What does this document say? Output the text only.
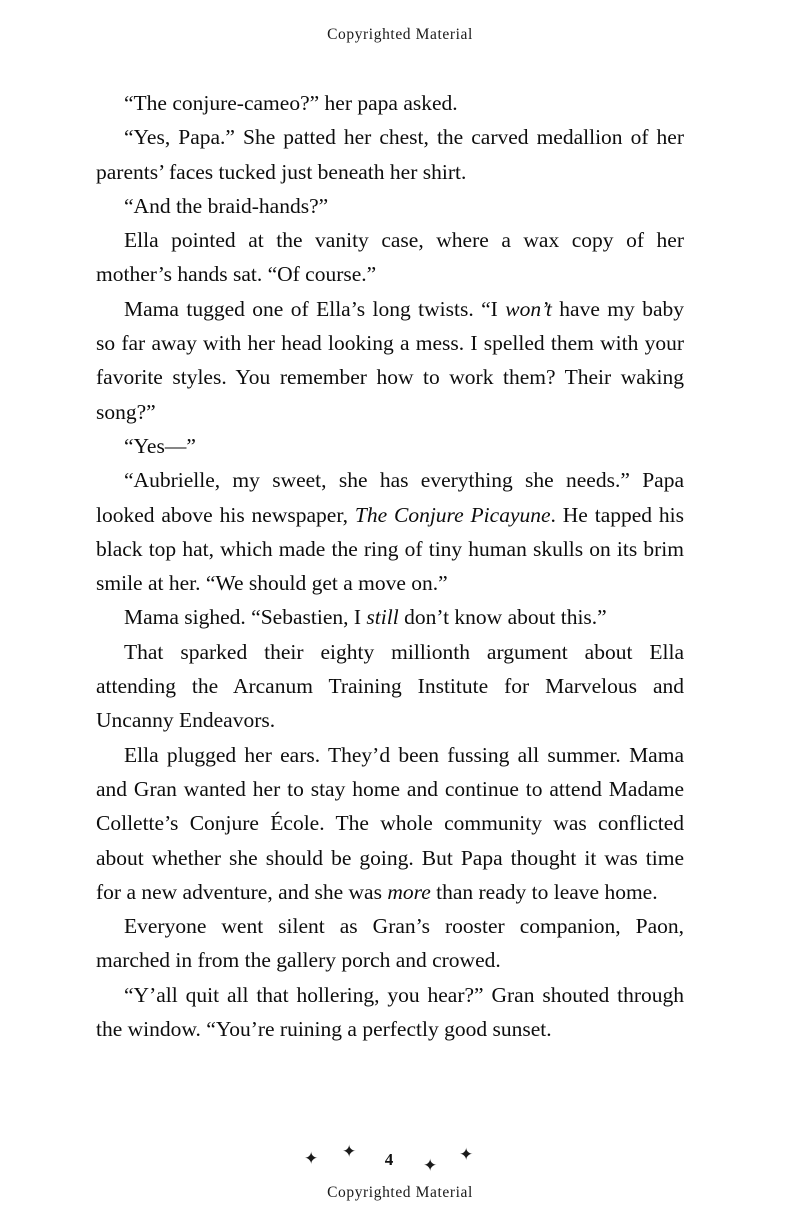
Copyrighted Material

“The conjure-cameo?” her papa asked.

“Yes, Papa.” She patted her chest, the carved medallion of her parents’ faces tucked just beneath her shirt.

“And the braid-hands?”

Ella pointed at the vanity case, where a wax copy of her mother’s hands sat. “Of course.”

Mama tugged one of Ella’s long twists. “I won’t have my baby so far away with her head looking a mess. I spelled them with your favorite styles. You remember how to work them? Their waking song?”

“Yes—”

“Aubrielle, my sweet, she has everything she needs.” Papa looked above his newspaper, The Conjure Picayune. He tapped his black top hat, which made the ring of tiny human skulls on its brim smile at her. “We should get a move on.”

Mama sighed. “Sebastien, I still don’t know about this.”

That sparked their eighty millionth argument about Ella attending the Arcanum Training Institute for Marvelous and Uncanny Endeavors.

Ella plugged her ears. They’d been fussing all summer. Mama and Gran wanted her to stay home and continue to attend Madame Collette’s Conjure École. The whole community was conflicted about whether she should be going. But Papa thought it was time for a new adventure, and she was more than ready to leave home.

Everyone went silent as Gran’s rooster companion, Paon, marched in from the gallery porch and crowed.

“Y’all quit all that hollering, you hear?” Gran shouted through the window. “You’re ruining a perfectly good sunset.

✦ ✦	4	✦
✦
Copyrighted Material
